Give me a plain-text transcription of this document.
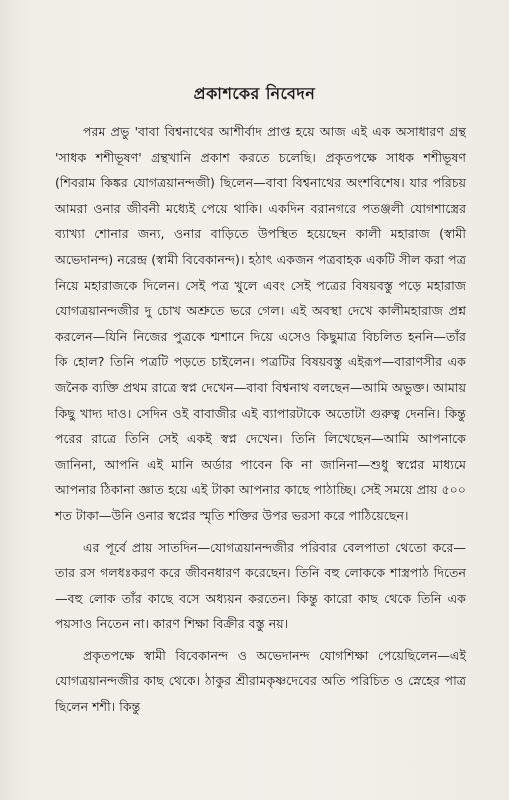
প্রকাশকের নিবেদন

পরম প্রভু 'বাবা বিশ্বনাথের আশীর্বাদ প্রাপ্ত হয়ে আজ এই এক অসাধারণ গ্রন্থ 'সাধক শশীভূষণ' গ্রন্থখানি প্রকাশ করতে চলেছি। প্রকৃতপক্ষে সাধক শশীভূষণ (শিবরাম কিঙ্কর যোগত্রয়ানন্দজী) ছিলেন—বাবা বিশ্বনাথের অংশবিশেষ। যার পরিচয় আমরা ওনার জীবনী মধ্যেই পেয়ে থাকি। একদিন বরানগরে পতঞ্জলী যোগশাস্ত্রের ব্যাখ্যা শোনার জন্য, ওনার বাড়িতে উপস্থিত হয়েছেন কালী মহারাজ (স্বামী অভেদানন্দ) নরেন্দ্র (স্বামী বিবেকানন্দ)। হঠাৎ একজন পত্রবাহক একটি সীল করা পত্র নিয়ে মহারাজকে দিলেন। সেই পত্র খুলে এবং সেই পত্রের বিষয়বস্তু পড়ে মহারাজ যোগত্রয়ানন্দজীর দু চোখ অশ্রুতে ভরে গেল। এই অবস্থা দেখে কালীমহারাজ প্রশ্ন করলেন—যিনি নিজের পুত্রকে শ্মশানে দিয়ে এসেও কিছুমাত্র বিচলিত হননি—তাঁর কি হোল? তিনি পত্রটি পড়তে চাইলেন। পত্রটির বিষয়বস্তু এইরূপ—বারাণসীর এক জনৈক ব্যক্তি প্রথম রাত্রে স্বপ্ন দেখেন—বাবা বিশ্বনাথ বলছেন—আমি অভুক্ত। আমায় কিছু খাদ্য দাও। সেদিন ওই বাবাজীর এই ব্যাপারটাকে অতোটা গুরুত্ব দেননি। কিন্তু পরের রাত্রে তিনি সেই একই স্বপ্ন দেখেন। তিনি লিখেছেন—আমি আপনাকে জানিনা, আপনি এই মানি অর্ডার পাবেন কি না জানিনা—শুধু স্বপ্নের মাধ্যমে আপনার ঠিকানা জ্ঞাত হয়ে এই টাকা আপনার কাছে পাঠাচ্ছি। সেই সময়ে প্রায় ৫০০ শত টাকা—উনি ওনার স্বপ্নের স্মৃতি শক্তির উপর ভরসা করে পাঠিয়েছেন।

এর পূর্বে প্রায় সাতদিন—যোগত্রয়ানন্দজীর পরিবার বেলপাতা থেতো করে—তার রস গলধঃকরণ করে জীবনধারণ করেছেন। তিনি বহু লোককে শাস্ত্রপাঠ দিতেন—বহু লোক তাঁর কাছে বসে অধ্যয়ন করতেন। কিন্তু কারো কাছ থেকে তিনি এক পয়সাও নিতেন না। কারণ শিক্ষা বিক্রীর বস্তু নয়।

প্রকৃতপক্ষে স্বামী বিবেকানন্দ ও অভেদানন্দ যোগশিক্ষা পেয়েছিলেন—এই যোগত্রয়ানন্দজীর কাছ থেকে। ঠাকুর শ্রীরামকৃষ্ণদেবের অতি পরিচিত ও স্নেহের পাত্র ছিলেন শশী। কিন্তু
